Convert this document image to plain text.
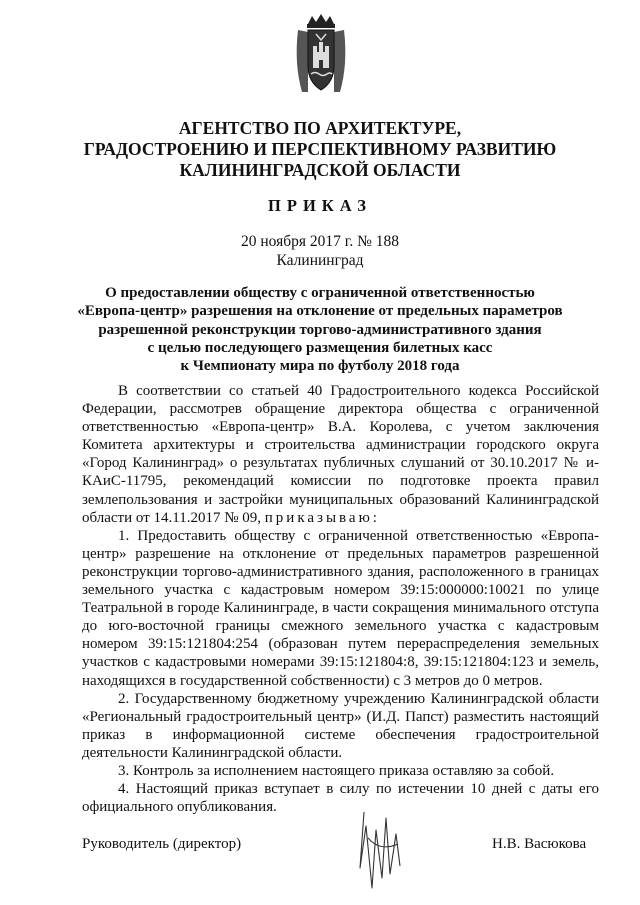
АГЕНТСТВО ПО АРХИТЕКТУРЕ,
ГРАДОСТРОЕНИЮ И ПЕРСПЕКТИВНОМУ РАЗВИТИЮ
КАЛИНИНГРАДСКОЙ ОБЛАСТИ
ПРИКАЗ
20 ноября 2017 г. № 188
Калининград
О предоставлении обществу с ограниченной ответственностью
«Европа-центр» разрешения на отклонение от предельных параметров
разрешенной реконструкции торгово-административного здания
с целью последующего размещения билетных касс
к Чемпионату мира по футболу 2018 года

В соответствии со статьей 40 Градостроительного кодекса Российской Федерации, рассмотрев обращение директора общества с ограниченной ответственностью «Европа-центр» В.А. Королева, с учетом заключения Комитета архитектуры и строительства администрации городского округа «Город Калининград» о результатах публичных слушаний от 30.10.2017 № и-КАиС-11795, рекомендаций комиссии по подготовке проекта правил землепользования и застройки муниципальных образований Калининградской области от 14.11.2017 № 09, приказываю:

1. Предоставить обществу с ограниченной ответственностью «Европа-центр» разрешение на отклонение от предельных параметров разрешенной реконструкции торгово-административного здания, расположенного в границах земельного участка с кадастровым номером 39:15:000000:10021 по улице Театральной в городе Калининграде, в части сокращения минимального отступа до юго-восточной границы смежного земельного участка с кадастровым номером 39:15:121804:254 (образован путем перераспределения земельных участков с кадастровыми номерами 39:15:121804:8, 39:15:121804:123 и земель, находящихся в государственной собственности) с 3 метров до 0 метров.

2. Государственному бюджетному учреждению Калининградской области «Региональный градостроительный центр» (И.Д. Папст) разместить настоящий приказ в информационной системе обеспечения градостроительной деятельности Калининградской области.

3. Контроль за исполнением настоящего приказа оставляю за собой.

4. Настоящий приказ вступает в силу по истечении 10 дней с даты его официального опубликования.

Руководитель (директор)	Н.В. Васюкова
